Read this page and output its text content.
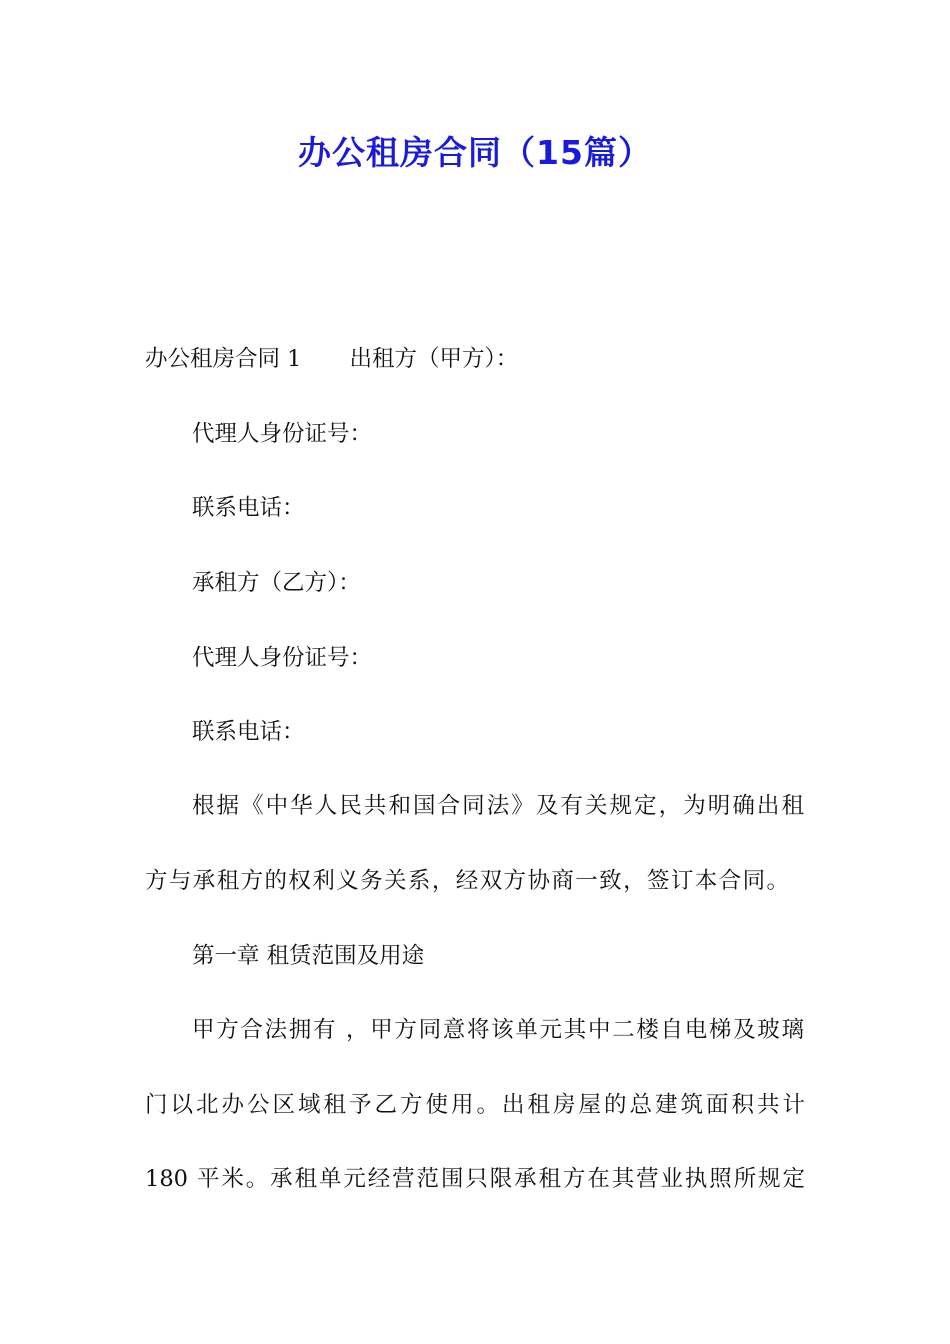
办公租房合同（15篇）
办公租房合同 1 出租方（甲方）：
代理人身份证号：
联系电话：
承租方（乙方）：
代理人身份证号：
联系电话：
根据《中华人民共和国合同法》及有关规定，为明确出租
方与承租方的权利义务关系，经双方协商一致，签订本合同。
第一章 租赁范围及用途
甲方合法拥有 ，甲方同意将该单元其中二楼自电梯及玻璃
门以北办公区域租予乙方使用。出租房屋的总建筑面积共计
180 平米。承租单元经营范围只限承租方在其营业执照所规定
